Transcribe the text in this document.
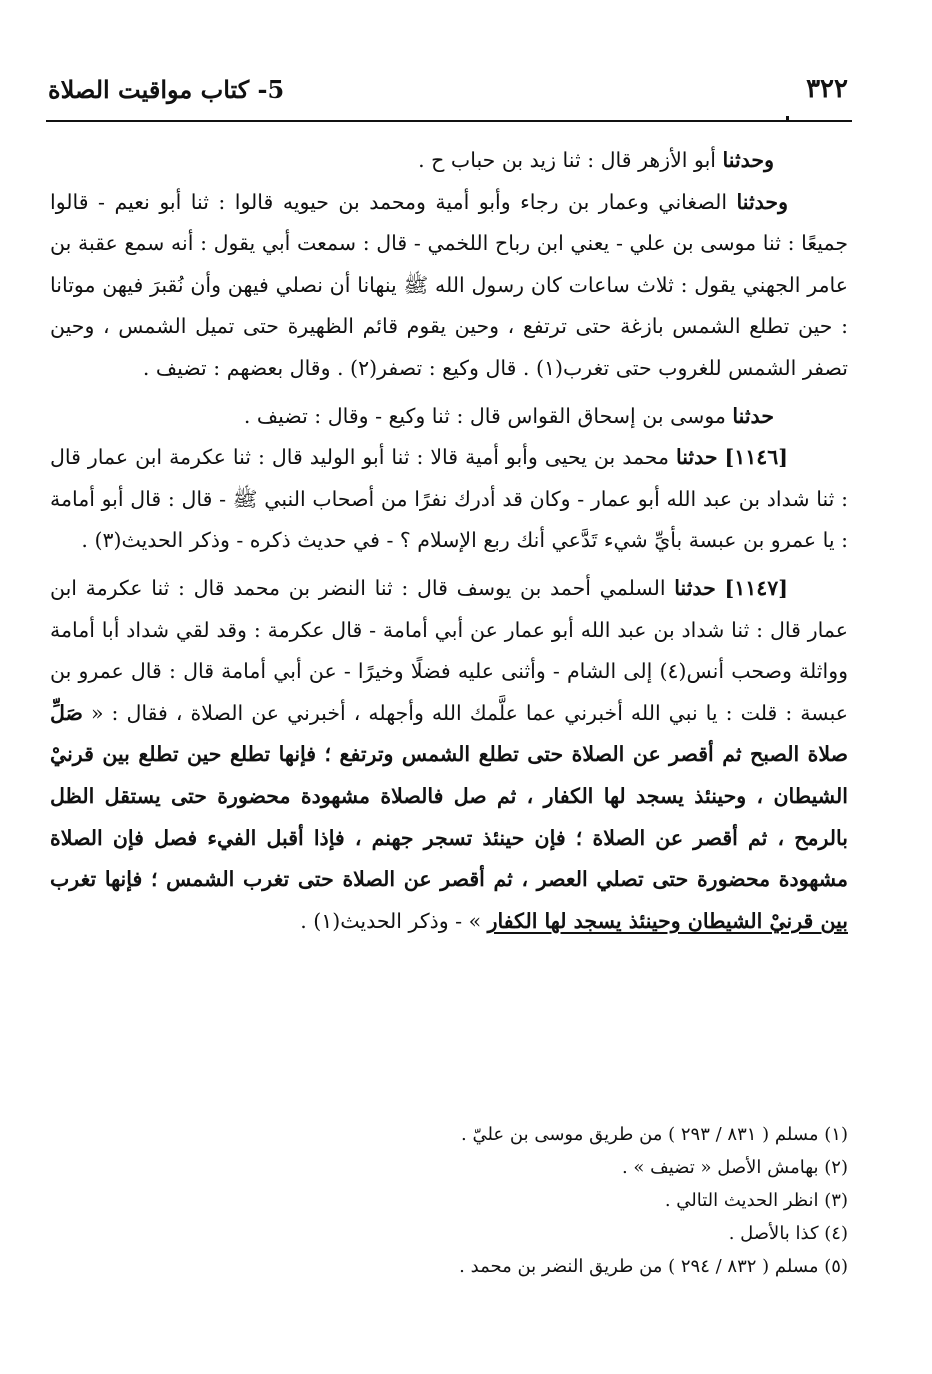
٣٢٢
5- كتاب مواقيت الصلاة

وحدثنا أبو الأزهر قال : ثنا زيد بن حباب ح .

وحدثنا الصغاني وعمار بن رجاء وأبو أمية ومحمد بن حيويه قالوا : ثنا أبو نعيم - قالوا جميعًا : ثنا موسى بن علي - يعني ابن رباح اللخمي - قال : سمعت أبي يقول : أنه سمع عقبة بن عامر الجهني يقول : ثلاث ساعات كان رسول الله ﷺ ينهانا أن نصلي فيهن وأن نُقبرَ فيهن موتانا : حين تطلع الشمس بازغة حتى ترتفع ، وحين يقوم قائم الظهيرة حتى تميل الشمس ، وحين تصفر الشمس للغروب حتى تغرب(١) . قال وكيع : تصفر(٢) . وقال بعضهم : تضيف .

حدثنا موسى بن إسحاق القواس قال : ثنا وكيع - وقال : تضيف .

[١١٤٦] حدثنا محمد بن يحيى وأبو أمية قالا : ثنا أبو الوليد قال : ثنا عكرمة ابن عمار قال : ثنا شداد بن عبد الله أبو عمار - وكان قد أدرك نفرًا من أصحاب النبي ﷺ - قال : قال أبو أمامة : يا عمرو بن عبسة بأيِّ شيء تَدَّعي أنك ربع الإسلام ؟ - في حديث ذكره - وذكر الحديث(٣) .

[١١٤٧] حدثنا السلمي أحمد بن يوسف قال : ثنا النضر بن محمد قال : ثنا عكرمة ابن عمار قال : ثنا شداد بن عبد الله أبو عمار عن أبي أمامة - قال عكرمة : وقد لقي شداد أبا أمامة وواثلة وصحب أنس(٤) إلى الشام - وأثنى عليه فضلًا وخيرًا - عن أبي أمامة قال : قال عمرو بن عبسة : قلت : يا نبي الله أخبرني عما علَّمك الله وأجهله ، أخبرني عن الصلاة ، فقال : « صَلِّ صلاة الصبح ثم أقصر عن الصلاة حتى تطلع الشمس وترتفع ؛ فإنها تطلع حين تطلع بين قرنيْ الشيطان ، وحينئذ يسجد لها الكفار ، ثم صل فالصلاة مشهودة محضورة حتى يستقل الظل بالرمح ، ثم أقصر عن الصلاة ؛ فإن حينئذ تسجر جهنم ، فإذا أقبل الفيء فصل فإن الصلاة مشهودة محضورة حتى تصلي العصر ، ثم أقصر عن الصلاة حتى تغرب الشمس ؛ فإنها تغرب بين قرنيْ الشيطان وحينئذ يسجد لها الكفار » - وذكر الحديث(١) .

(١) مسلم ( ٨٣١ / ٢٩٣ ) من طريق موسى بن عليّ .

(٢) بهامش الأصل « تضيف » .

(٣) انظر الحديث التالي .

(٤) كذا بالأصل .

(٥) مسلم ( ٨٣٢ / ٢٩٤ ) من طريق النضر بن محمد .
